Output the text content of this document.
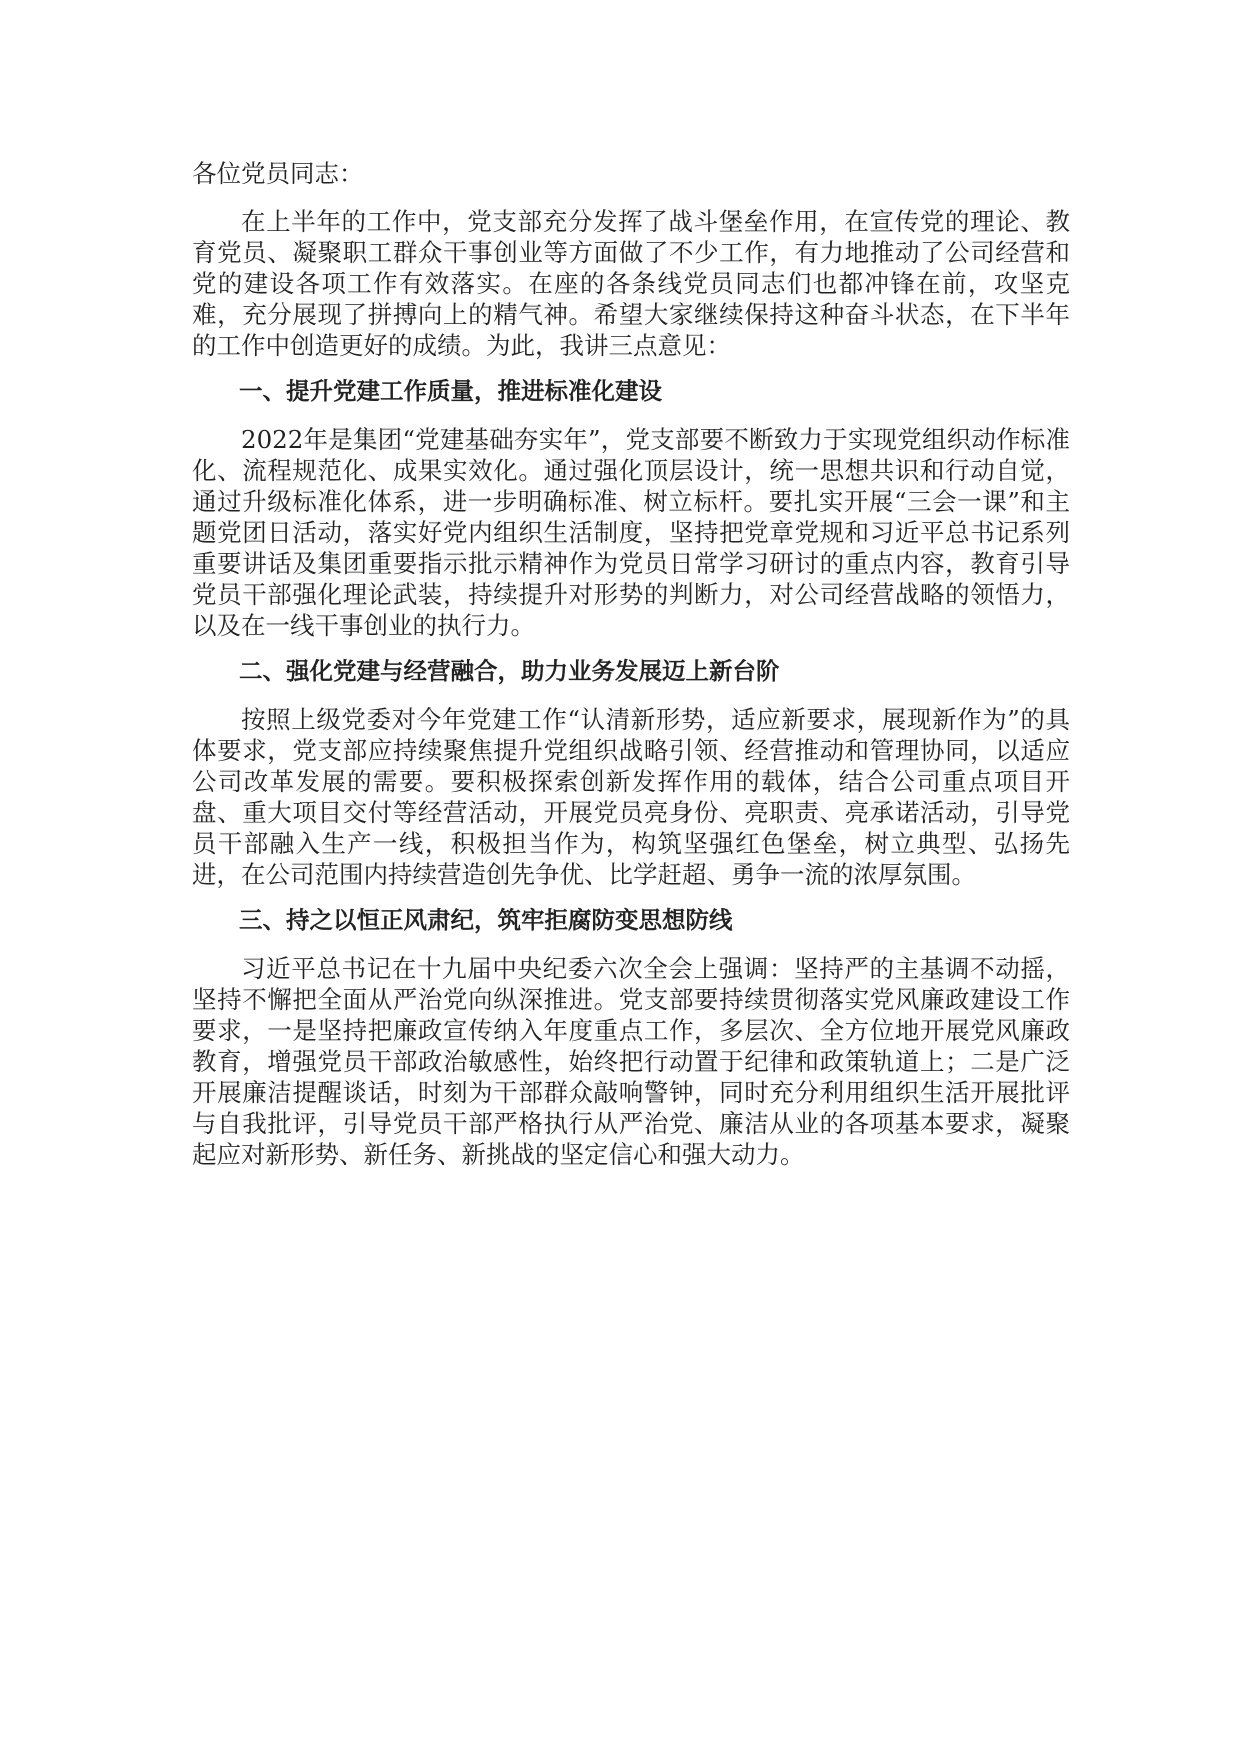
各位党员同志：

在上半年的工作中，党支部充分发挥了战斗堡垒作用，在宣传党的理论、教育党员、凝聚职工群众干事创业等方面做了不少工作，有力地推动了公司经营和党的建设各项工作有效落实。在座的各条线党员同志们也都冲锋在前，攻坚克难，充分展现了拼搏向上的精气神。希望大家继续保持这种奋斗状态，在下半年的工作中创造更好的成绩。为此，我讲三点意见：

一、提升党建工作质量，推进标准化建设

2022年是集团“党建基础夯实年”，党支部要不断致力于实现党组织动作标准化、流程规范化、成果实效化。通过强化顶层设计，统一思想共识和行动自觉，通过升级标准化体系，进一步明确标准、树立标杆。要扎实开展“三会一课”和主题党团日活动，落实好党内组织生活制度，坚持把党章党规和习近平总书记系列重要讲话及集团重要指示批示精神作为党员日常学习研讨的重点内容，教育引导党员干部强化理论武装，持续提升对形势的判断力，对公司经营战略的领悟力，以及在一线干事创业的执行力。

二、强化党建与经营融合，助力业务发展迈上新台阶

按照上级党委对今年党建工作“认清新形势，适应新要求，展现新作为”的具体要求，党支部应持续聚焦提升党组织战略引领、经营推动和管理协同，以适应公司改革发展的需要。要积极探索创新发挥作用的载体，结合公司重点项目开盘、重大项目交付等经营活动，开展党员亮身份、亮职责、亮承诺活动，引导党员干部融入生产一线，积极担当作为，构筑坚强红色堡垒，树立典型、弘扬先进，在公司范围内持续营造创先争优、比学赶超、勇争一流的浓厚氛围。

三、持之以恒正风肃纪，筑牢拒腐防变思想防线

习近平总书记在十九届中央纪委六次全会上强调：坚持严的主基调不动摇，坚持不懈把全面从严治党向纵深推进。党支部要持续贯彻落实党风廉政建设工作要求，一是坚持把廉政宣传纳入年度重点工作，多层次、全方位地开展党风廉政教育，增强党员干部政治敏感性，始终把行动置于纪律和政策轨道上；二是广泛开展廉洁提醒谈话，时刻为干部群众敲响警钟，同时充分利用组织生活开展批评与自我批评，引导党员干部严格执行从严治党、廉洁从业的各项基本要求，凝聚起应对新形势、新任务、新挑战的坚定信心和强大动力。
